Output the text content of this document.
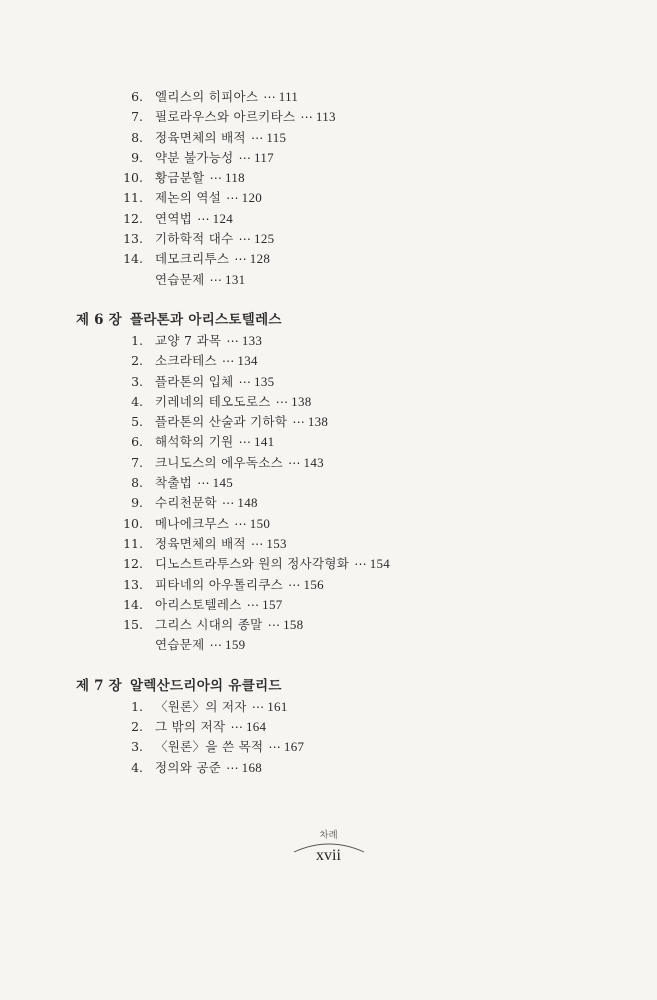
6. 엘리스의 히피아스 ⋯ 111
7. 필로라우스와 아르키타스 ⋯ 113
8. 정육면체의 배적 ⋯ 115
9. 약분 불가능성 ⋯ 117
10. 황금분할 ⋯ 118
11. 제논의 역설 ⋯ 120
12. 연역법 ⋯ 124
13. 기하학적 대수 ⋯ 125
14. 데모크리투스 ⋯ 128
연습문제 ⋯ 131
제 6 장 플라톤과 아리스토텔레스
1. 교양 7 과목 ⋯ 133
2. 소크라테스 ⋯ 134
3. 플라톤의 입체 ⋯ 135
4. 키레네의 테오도로스 ⋯ 138
5. 플라톤의 산술과 기하학 ⋯ 138
6. 해석학의 기원 ⋯ 141
7. 크니도스의 에우독소스 ⋯ 143
8. 착출법 ⋯ 145
9. 수리천문학 ⋯ 148
10. 메나에크무스 ⋯ 150
11. 정육면체의 배적 ⋯ 153
12. 디노스트라투스와 원의 정사각형화 ⋯ 154
13. 피타네의 아우톨리쿠스 ⋯ 156
14. 아리스토텔레스 ⋯ 157
15. 그리스 시대의 종말 ⋯ 158
연습문제 ⋯ 159
제 7 장 알렉산드리아의 유클리드
1. 〈원론〉의 저자 ⋯ 161
2. 그 밖의 저작 ⋯ 164
3. 〈원론〉을 쓴 목적 ⋯ 167
4. 정의와 공준 ⋯ 168
차례
xvii
